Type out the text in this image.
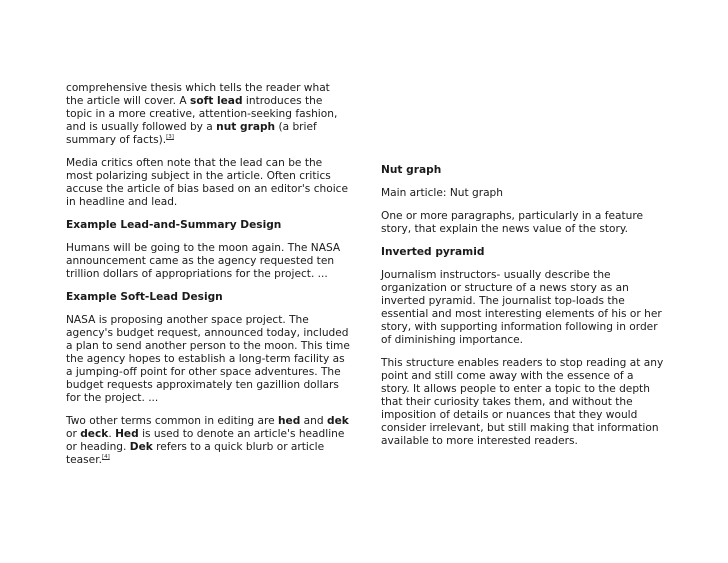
comprehensive thesis which tells the reader what the article will cover. A soft lead introduces the topic in a more creative, attention-seeking fashion, and is usually followed by a nut graph (a brief summary of facts).[3]

Media critics often note that the lead can be the most polarizing subject in the article. Often critics accuse the article of bias based on an editor's choice in headline and lead.

Example Lead-and-Summary Design

Humans will be going to the moon again. The NASA announcement came as the agency requested ten trillion dollars of appropriations for the project. ...

Example Soft-Lead Design

NASA is proposing another space project. The agency's budget request, announced today, included a plan to send another person to the moon. This time the agency hopes to establish a long-term facility as a jumping-off point for other space adventures. The budget requests approximately ten gazillion dollars for the project. ...

Two other terms common in editing are hed and dek or deck. Hed is used to denote an article's headline or heading. Dek refers to a quick blurb or article teaser.[4]

Nut graph

Main article: Nut graph

One or more paragraphs, particularly in a feature story, that explain the news value of the story.

Inverted pyramid

Journalism instructors- usually describe the organization or structure of a news story as an inverted pyramid. The journalist top-loads the essential and most interesting elements of his or her story, with supporting information following in order of diminishing importance.

This structure enables readers to stop reading at any point and still come away with the essence of a story. It allows people to enter a topic to the depth that their curiosity takes them, and without the imposition of details or nuances that they would consider irrelevant, but still making that information available to more interested readers.
